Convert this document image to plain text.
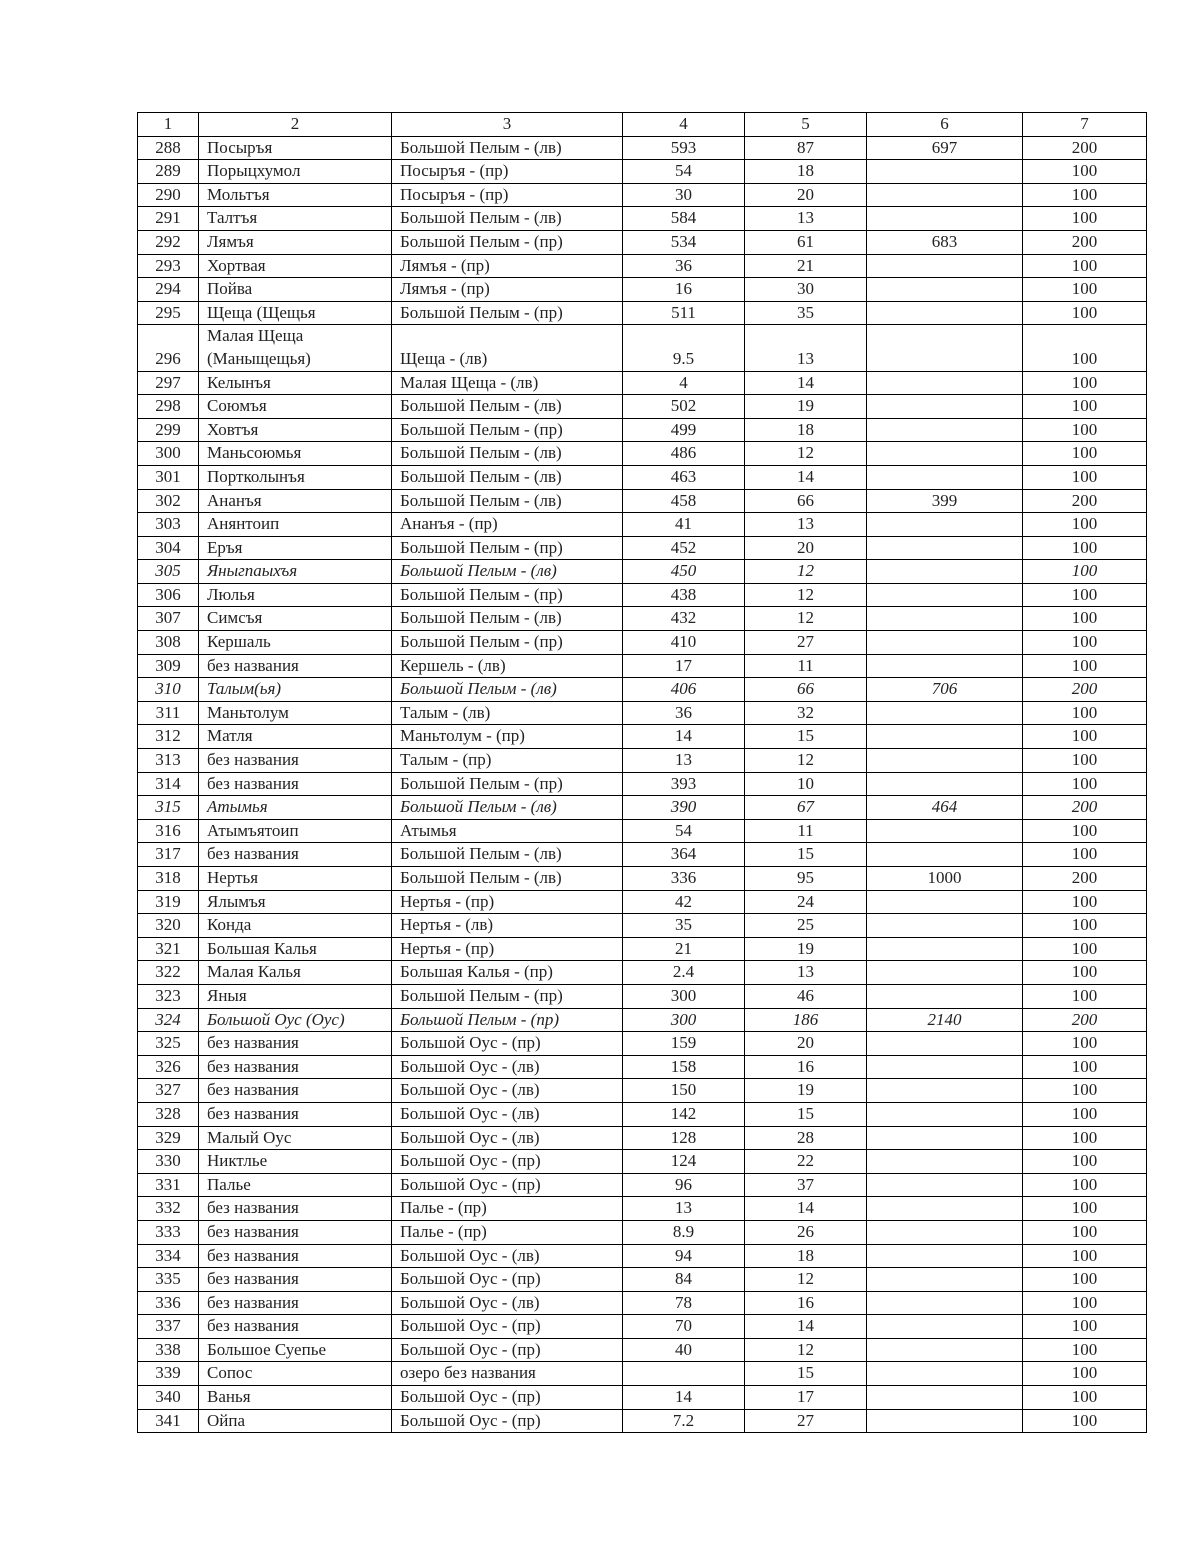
1	2	3	4	5	6	7
288	Посыръя	Большой Пелым - (лв)	593	87	697	200
289	Порыцхумол	Посыръя - (пр)	54	18		100
290	Мольтъя	Посыръя - (пр)	30	20		100
291	Талтъя	Большой Пелым - (лв)	584	13		100
292	Лямъя	Большой Пелым - (пр)	534	61	683	200
293	Хортвая	Лямъя - (пр)	36	21		100
294	Пойва	Лямъя - (пр)	16	30		100
295	Щеща (Щещья	Большой Пелым - (пр)	511	35		100
296	Малая Щеща (Маныщещья)	Щеща - (лв)	9.5	13		100
297	Келынъя	Малая Щеща - (лв)	4	14		100
298	Союмъя	Большой Пелым - (лв)	502	19		100
299	Ховтъя	Большой Пелым - (пр)	499	18		100
300	Маньсоюмья	Большой Пелым - (лв)	486	12		100
301	Портколынъя	Большой Пелым - (лв)	463	14		100
302	Ананъя	Большой Пелым - (лв)	458	66	399	200
303	Анянтоип	Ананъя - (пр)	41	13		100
304	Еръя	Большой Пелым - (пр)	452	20		100
305	Яныгпаыхъя	Большой Пелым - (лв)	450	12		100
306	Люлья	Большой Пелым - (пр)	438	12		100
307	Симсъя	Большой Пелым - (лв)	432	12		100
308	Кершаль	Большой Пелым - (пр)	410	27		100
309	без названия	Кершель - (лв)	17	11		100
310	Талым(ья)	Большой Пелым - (лв)	406	66	706	200
311	Маньтолум	Талым - (лв)	36	32		100
312	Матля	Маньтолум - (пр)	14	15		100
313	без названия	Талым - (пр)	13	12		100
314	без названия	Большой Пелым - (пр)	393	10		100
315	Атымья	Большой Пелым - (лв)	390	67	464	200
316	Атымъятоип	Атымья	54	11		100
317	без названия	Большой Пелым - (лв)	364	15		100
318	Нертья	Большой Пелым - (лв)	336	95	1000	200
319	Ялымъя	Нертья - (пр)	42	24		100
320	Конда	Нертья - (лв)	35	25		100
321	Большая Калья	Нертья - (пр)	21	19		100
322	Малая Калья	Большая Калья - (пр)	2.4	13		100
323	Яныя	Большой Пелым - (пр)	300	46		100
324	Большой Оус (Оус)	Большой Пелым - (пр)	300	186	2140	200
325	без названия	Большой Оус - (пр)	159	20		100
326	без названия	Большой Оус - (лв)	158	16		100
327	без названия	Большой Оус - (лв)	150	19		100
328	без названия	Большой Оус - (лв)	142	15		100
329	Малый Оус	Большой Оус - (лв)	128	28		100
330	Никтлье	Большой Оус - (пр)	124	22		100
331	Палье	Большой Оус - (пр)	96	37		100
332	без названия	Палье - (пр)	13	14		100
333	без названия	Палье - (пр)	8.9	26		100
334	без названия	Большой Оус - (лв)	94	18		100
335	без названия	Большой Оус - (пр)	84	12		100
336	без названия	Большой Оус - (лв)	78	16		100
337	без названия	Большой Оус - (пр)	70	14		100
338	Большое Суепье	Большой Оус - (пр)	40	12		100
339	Сопос	озеро без названия		15		100
340	Ванья	Большой Оус - (пр)	14	17		100
341	Ойпа	Большой Оус - (пр)	7.2	27		100
